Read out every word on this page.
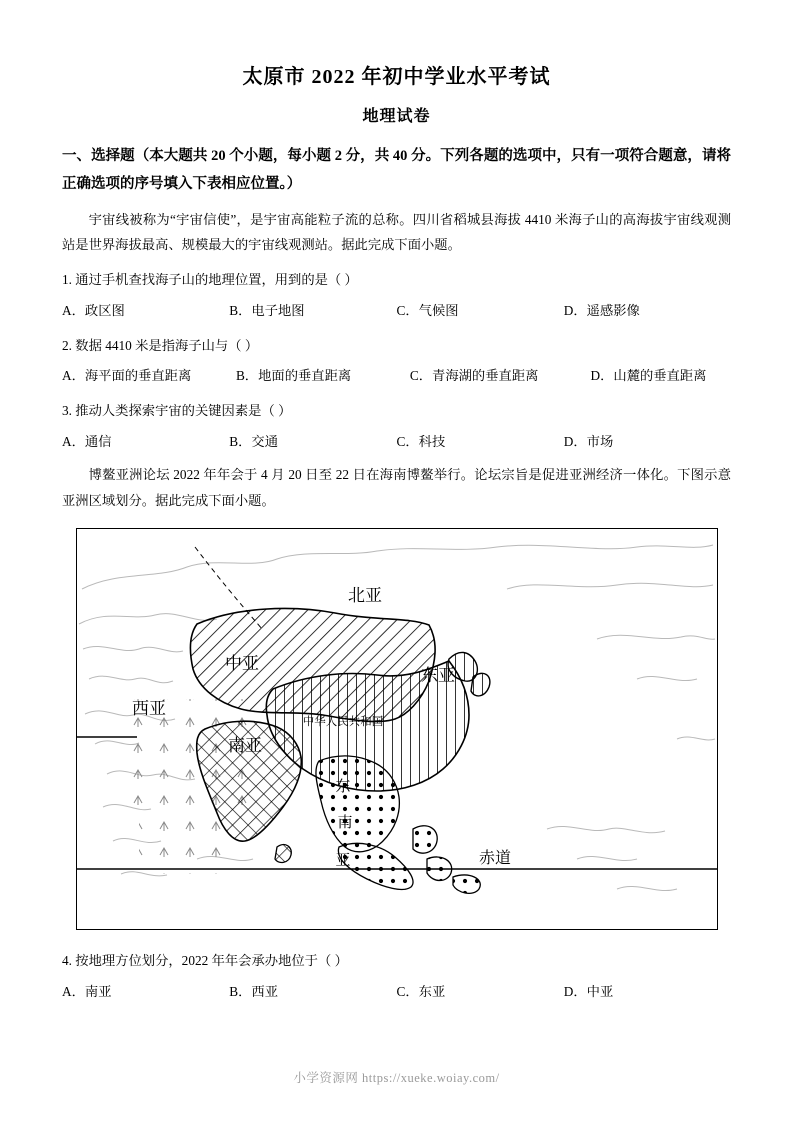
太原市 2022 年初中学业水平考试
地理试卷
一、选择题（本大题共 20 个小题，每小题 2 分，共 40 分。下列各题的选项中，只有一项符合题意，请将正确选项的序号填入下表相应位置。）
宇宙线被称为“宇宙信使”，是宇宙高能粒子流的总称。四川省稻城县海拔 4410 米海子山的高海拔宇宙线观测站是世界海拔最高、规模最大的宇宙线观测站。据此完成下面小题。
1. 通过手机查找海子山的地理位置，用到的是（ ）
A．政区图	B．电子地图	C．气候图	D．遥感影像
2. 数据 4410 米是指海子山与（ ）
A．海平面的垂直距离	B．地面的垂直距离	C．青海湖的垂直距离	D．山麓的垂直距离
3. 推动人类探索宇宙的关键因素是（ ）
A．通信	B．交通	C．科技	D．市场
博鳌亚洲论坛 2022 年年会于 4 月 20 日至 22 日在海南博鳌举行。论坛宗旨是促进亚洲经济一体化。下图示意亚洲区域划分。据此完成下面小题。
北亚
中亚
东亚
西亚
南亚
中华人民共和国
东
南
亚	赤道
4. 按地理方位划分，2022 年年会承办地位于（ ）
A．南亚	B．西亚	C．东亚	D．中亚
小学资源网 https://xueke.woiay.com/
